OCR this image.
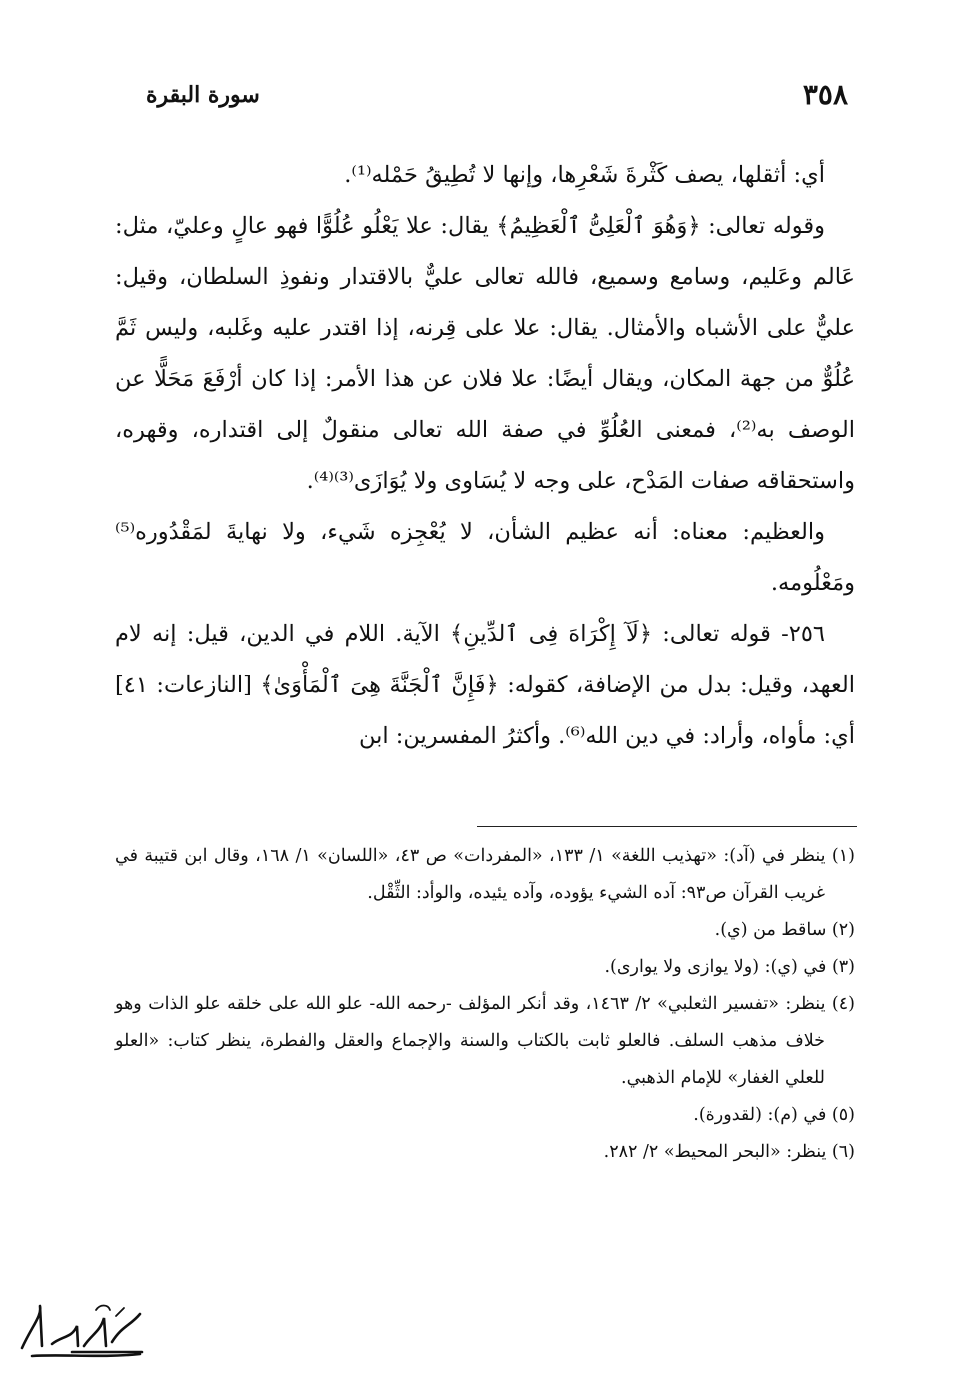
٣٥٨
سورة البقرة

أي: أثقلها، يصف كَثْرةَ شَعْرِها، وإنها لا تُطِيقُ حَمْله⁽¹⁾.

وقوله تعالى: ﴿وَهُوَ ٱلْعَلِىُّ ٱلْعَظِيمُ﴾ يقال: علا يَعْلُو عُلُوًّا فهو عالٍ وعليّ، مثل: عَالم وعَليم، وسامع وسميع، فالله تعالى عليٌّ بالاقتدار ونفوذِ السلطان، وقيل: عليٌّ على الأشباه والأمثال. يقال: علا على قِرنه، إذا اقتدر عليه وغَلبه، وليس ثَمَّ عُلُوٌّ من جهة المكان، ويقال أيضًا: علا فلان عن هذا الأمر: إذا كان أرْفَعَ مَحَلًّا عن الوصف به⁽²⁾، فمعنى العُلُوِّ في صفة الله تعالى منقولٌ إلى اقتداره، وقهره، واستحقاقه صفات المَدْح، على وجه لا يُسَاوى ولا يُوَازَى⁽³⁾⁽⁴⁾.

والعظيم: معناه: أنه عظيم الشأن، لا يُعْجِزه شَيء، ولا نهايةَ لمَقْدُوره⁽⁵⁾ ومَعْلُومه.

٢٥٦- قوله تعالى: ﴿لَآ إِكْرَاهَ فِى ٱلدِّينِ﴾ الآية. اللام في الدين، قيل: إنه لام العهد، وقيل: بدل من الإضافة، كقوله: ﴿فَإِنَّ ٱلْجَنَّةَ هِىَ ٱلْمَأْوَىٰ﴾ [النازعات: ٤١] أي: مأواه، وأراد: في دين الله⁽⁶⁾. وأكثرُ المفسرين: ابن

(١) ينظر في (آد): «تهذيب اللغة» ١/ ١٣٣، «المفردات» ص ٤٣، «اللسان» ١/ ١٦٨، وقال ابن قتيبة في غريب القرآن ص٩٣: آده الشيء يؤوده، وآده يئيده، والوأد: الثِّقْل.

(٢) ساقط من (ي).

(٣) في (ي): (ولا يوازى ولا يوارى).

(٤) ينظر: «تفسير الثعلبي» ٢/ ١٤٦٣، وقد أنكر المؤلف -رحمه الله- علو الله على خلقه علو الذات وهو خلاف مذهب السلف. فالعلو ثابت بالكتاب والسنة والإجماع والعقل والفطرة، ينظر كتاب: «العلو للعلي الغفار» للإمام الذهبي.

(٥) في (م): (لقدورة).

(٦) ينظر: «البحر المحيط» ٢/ ٢٨٢.
